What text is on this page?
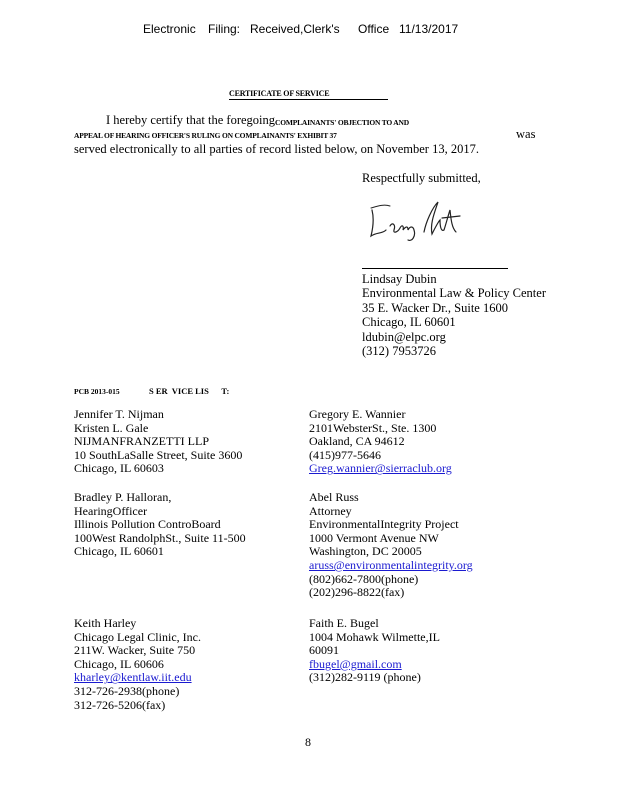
Electronic Filing: Received,Clerk's Office 11/13/2017
CERTIFICATE OF SERVICE
I hereby certify that the foregoing COMPLAINANTS' OBJECTION TO AND
APPEAL OF HEARING OFFICER'S RULING ON COMPLAINANTS' EXHIBIT 37	was
served electronically to all parties of record listed below, on November 13, 2017.
Respectfully submitted,
Lindsay Dubin
Environmental Law & Policy Center
35 E. Wacker Dr., Suite 1600
Chicago, IL 60601
ldubin@elpc.org
(312) 7953726
PCB 2013-015	S ER  VICE LIS      T:
Jennifer T. Nijman
Kristen L. Gale
NIJMANFRANZETTI LLP
10 SouthLaSalle Street, Suite 3600
Chicago, IL 60603
Gregory E. Wannier
2101WebsterSt., Ste. 1300
Oakland, CA 94612
(415)977-5646
Greg.wannier@sierraclub.org
Bradley P. Halloran,
HearingOfficer
Illinois Pollution ControBoard
100West RandolphSt., Suite 11-500
Chicago, IL 60601
Abel Russ
Attorney
EnvironmentalIntegrity Project
1000 Vermont Avenue NW
Washington, DC 20005
aruss@environmentalintegrity.org
(802)662-7800(phone)
(202)296-8822(fax)
Keith Harley
Chicago Legal Clinic, Inc.
211W. Wacker, Suite 750
Chicago, IL 60606
kharley@kentlaw.iit.edu
312-726-2938(phone)
312-726-5206(fax)
Faith E. Bugel
1004 Mohawk Wilmette,IL
60091
fbugel@gmail.com
(312)282-9119 (phone)
8
